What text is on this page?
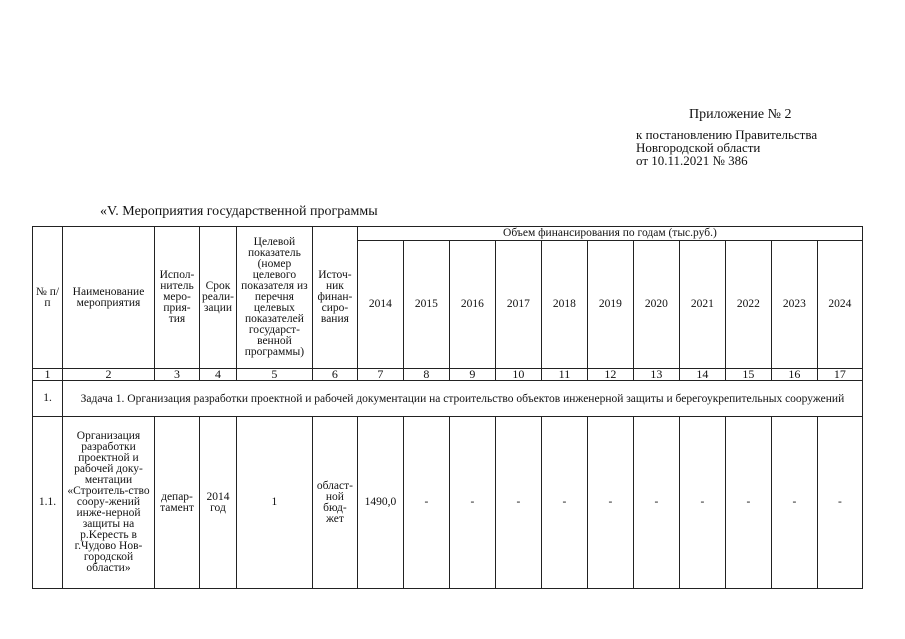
Приложение № 2
к постановлению Правительства
Новгородской области
от 10.11.2021 № 386
«V. Мероприятия государственной программы
№ п/п	Наименование мероприятия	Испол-нитель меро-прия-тия	Срок реали-зации	Целевой показатель (номер целевого показателя из перечня целевых показателей государст-венной программы)	Источ-ник финан-сиро-вания	Объем финансирования по годам (тыс.руб.)										
						2014	2015	2016	2017	2018	2019	2020	2021	2022	2023	2024
1	2	3	4	5	6	7	8	9	10	11	12	13	14	15	16	17
1.	Задача 1. Организация разработки проектной и рабочей документации на строительство объектов инженерной защиты и берегоукрепительных сооружений															
1.1.	Организация разработки проектной и рабочей доку-ментации «Строитель-ство соору-жений инже-нерной защиты на р.Keресть в г.Чудово Нов-городской области»	депар-тамент	2014 год	1	област-ной бюд-жет	1490,0	-	-	-	-	-	-	-	-	-	-
